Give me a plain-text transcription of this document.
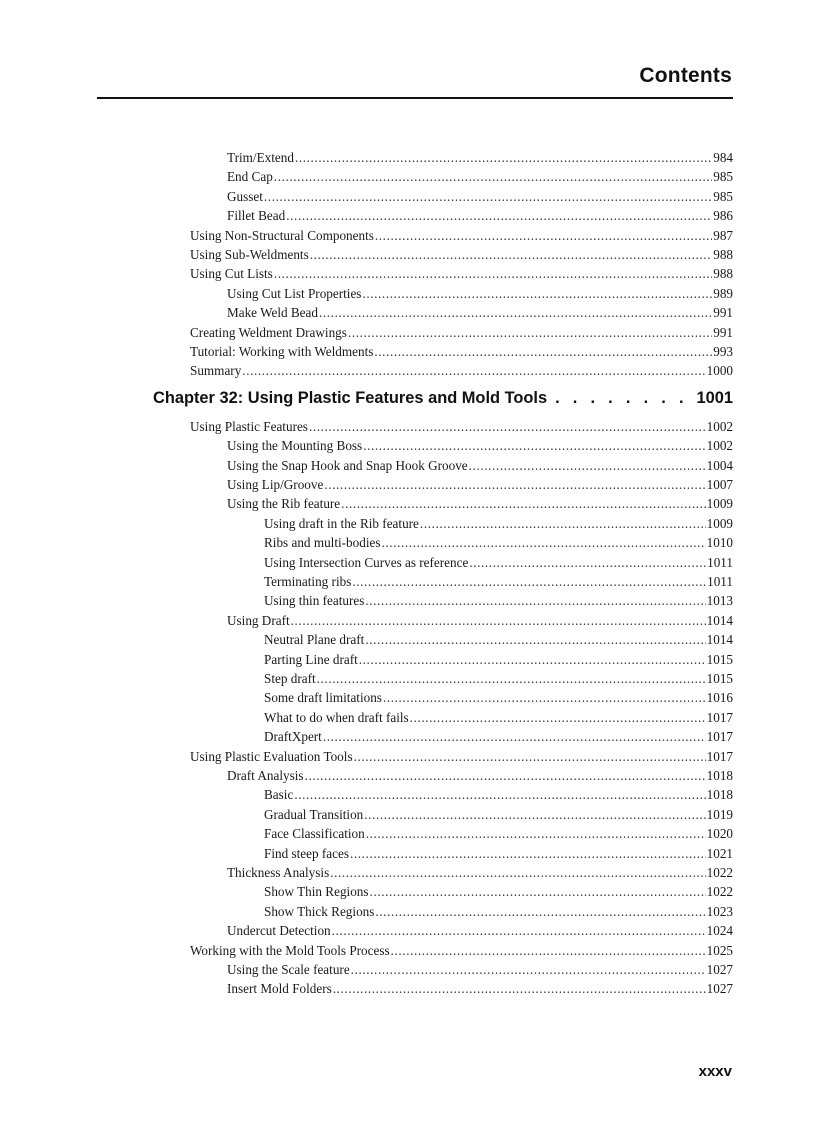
Contents
Trim/Extend .....	984
End Cap .....	985
Gusset .....	985
Fillet Bead .....	986
Using Non-Structural Components .....	987
Using Sub-Weldments .....	988
Using Cut Lists .....	988
Using Cut List Properties .....	989
Make Weld Bead .....	991
Creating Weldment Drawings .....	991
Tutorial: Working with Weldments .....	993
Summary .....	1000
Chapter 32: Using Plastic Features and Mold Tools . . .	1001
Using Plastic Features .....	1002
Using the Mounting Boss .....	1002
Using the Snap Hook and Snap Hook Groove .....	1004
Using Lip/Groove .....	1007
Using the Rib feature .....	1009
Using draft in the Rib feature .....	1009
Ribs and multi-bodies .....	1010
Using Intersection Curves as reference .....	1011
Terminating ribs .....	1011
Using thin features .....	1013
Using Draft .....	1014
Neutral Plane draft .....	1014
Parting Line draft .....	1015
Step draft .....	1015
Some draft limitations .....	1016
What to do when draft fails .....	1017
DraftXpert .....	1017
Using Plastic Evaluation Tools .....	1017
Draft Analysis .....	1018
Basic .....	1018
Gradual Transition .....	1019
Face Classification .....	1020
Find steep faces .....	1021
Thickness Analysis .....	1022
Show Thin Regions .....	1022
Show Thick Regions .....	1023
Undercut Detection .....	1024
Working with the Mold Tools Process .....	1025
Using the Scale feature .....	1027
Insert Mold Folders .....	1027
xxxv
